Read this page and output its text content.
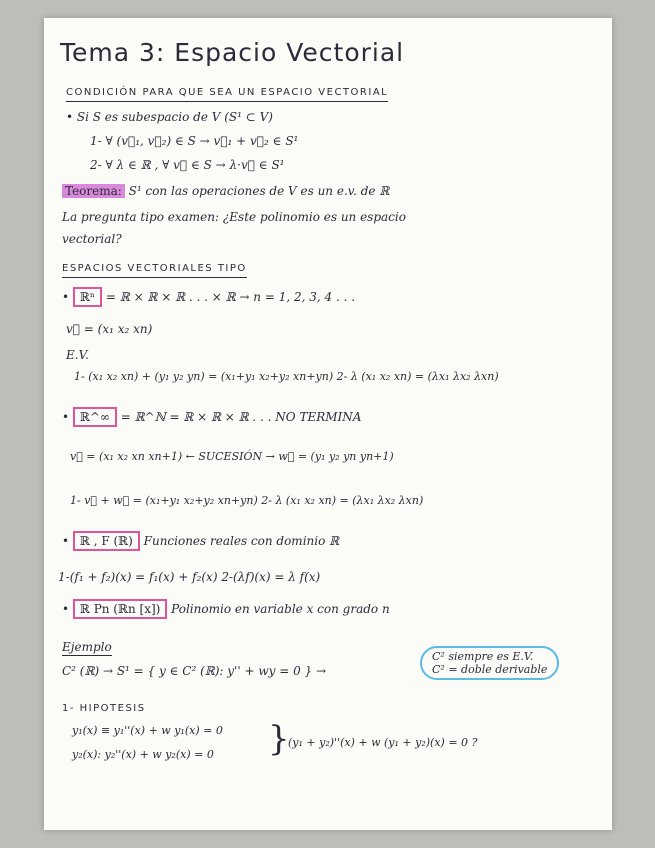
Tema 3: Espacio Vectorial
CONDICIÓN PARA QUE SEA UN ESPACIO VECTORIAL
• Si S es subespacio de V (S¹ ⊂ V)
1- ∀ (v⃗₁, v⃗₂) ∈ S → v⃗₁ + v⃗₂ ∈ S¹
2- ∀ λ ∈ ℝ , ∀ v⃗ ∈ S → λ·v⃗ ∈ S¹
Teorema: S¹ con las operaciones de V es un e.v. de ℝ
La pregunta tipo examen: ¿Este polinomio es un espacio
vectorial?
ESPACIOS VECTORIALES TIPO
• ℝⁿ = ℝ × ℝ × ℝ . . . × ℝ → n = 1, 2, 3, 4 . . .
v⃗ = (x₁ x₂ xn)
E.V.
1- (x₁ x₂ xn) + (y₁ y₂ yn) = (x₁+y₁ x₂+y₂ xn+yn) 2- λ (x₁ x₂ xn) = (λx₁ λx₂ λxn)
• ℝ^∞ = ℝ^ℕ = ℝ × ℝ × ℝ . . . NO TERMINA
v⃗ = (x₁ x₂ xn xn+1) ← SUCESIÓN → w⃗ = (y₁ y₂ yn yn+1)
1- v⃗ + w⃗ = (x₁+y₁ x₂+y₂ xn+yn) 2- λ (x₁ x₂ xn) = (λx₁ λx₂ λxn)
• ℝ , F (ℝ) Funciones reales con dominio ℝ
1-(f₁ + f₂)(x) = f₁(x) + f₂(x) 2-(λf)(x) = λ f(x)
• ℝ Pn (ℝn [x]) Polinomio en variable x con grado n
Ejemplo
C² (ℝ) → S¹ = { y ∈ C² (ℝ): y'' + wy = 0 } →
C² siempre es E.V.
C² = doble derivable
1- HIPOTESIS
y₁(x) ≡ y₁''(x) + w y₁(x) = 0
y₂(x): y₂''(x) + w y₂(x) = 0 }
(y₁ + y₂)''(x) + w (y₁ + y₂)(x) = 0 ?
